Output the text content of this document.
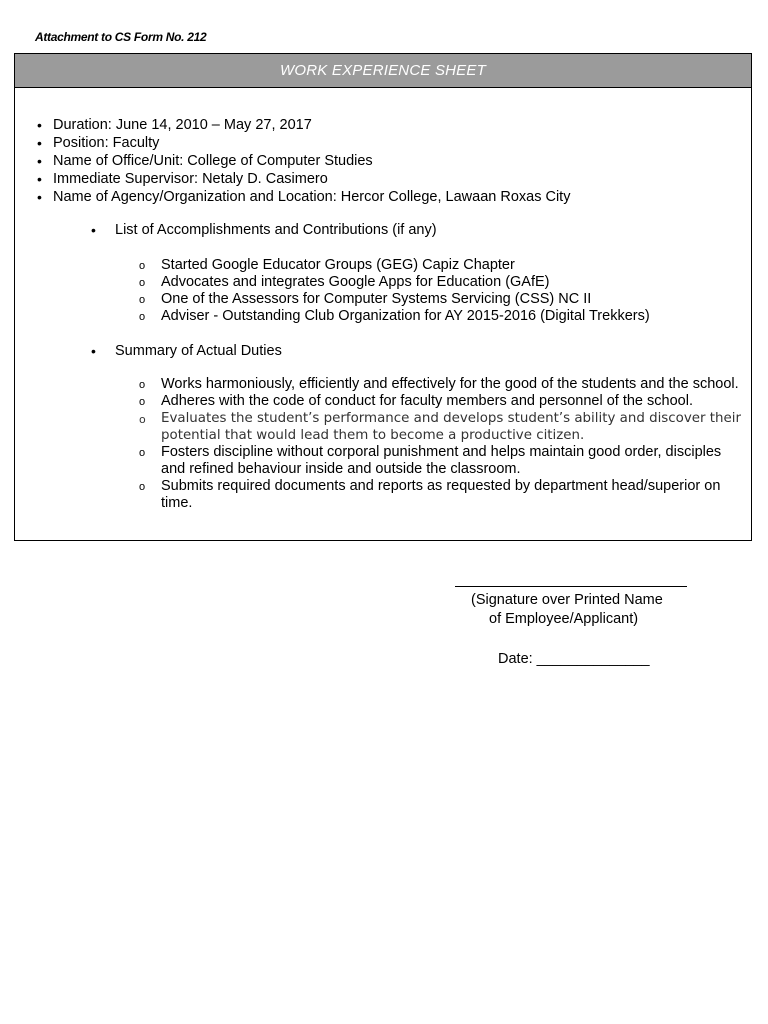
Attachment to CS Form No. 212
WORK EXPERIENCE SHEET
• Duration: June 14, 2010 – May 27, 2017
• Position: Faculty
• Name of Office/Unit: College of Computer Studies
• Immediate Supervisor: Netaly D. Casimero
• Name of Agency/Organization and Location: Hercor College, Lawaan Roxas City
• List of Accomplishments and Contributions (if any)
o Started Google Educator Groups (GEG) Capiz Chapter
o Advocates and integrates Google Apps for Education (GAfE)
o One of the Assessors for Computer Systems Servicing (CSS) NC II
o Adviser - Outstanding Club Organization for AY 2015-2016 (Digital Trekkers)
• Summary of Actual Duties
o Works harmoniously, efficiently and effectively for the good of the students and the school.
o Adheres with the code of conduct for faculty members and personnel of the school.
o Evaluates the student’s performance and develops student’s ability and discover their potential that would lead them to become a productive citizen.
o Fosters discipline without corporal punishment and helps maintain good order, disciples and refined behaviour inside and outside the classroom.
o Submits required documents and reports as requested by department head/superior on time.
(Signature over Printed Name
of Employee/Applicant)
Date: ______________
